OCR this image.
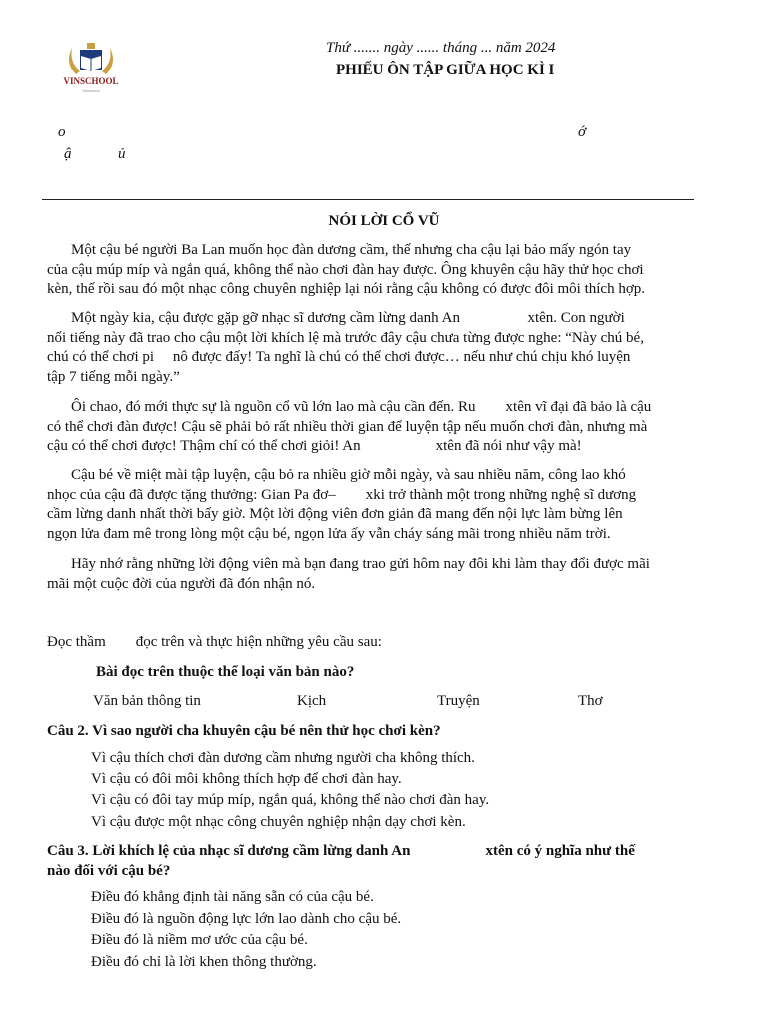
VINSCHOOL
Vinschool
Thứ ....... ngày ...... tháng ... năm 2024
PHIẾU ÔN TẬP GIỮA HỌC KÌ I
o	ớ
ậ	ủ
NÓI LỜI CỔ VŨ
Một cậu bé người Ba Lan muốn học đàn dương cầm, thế nhưng cha cậu lại bảo mấy ngón tay
của cậu múp míp và ngắn quá, không thể nào chơi đàn hay được. Ông khuyên cậu hãy thử học chơi
kèn, thế rồi sau đó một nhạc công chuyên nghiệp lại nói rằng cậu không có được đôi môi thích hợp.
Một ngày kia, cậu được gặp gỡ nhạc sĩ dương cầm lừng danh An                  xtên. Con người
nổi tiếng này đã trao cho cậu một lời khích lệ mà trước đây cậu chưa từng được nghe: “Này chú bé,
chú có thể chơi pi     nô được đấy! Ta nghĩ là chú có thể chơi được… nếu như chú chịu khó luyện
tập 7 tiếng mỗi ngày.”
Ôi chao, đó mới thực sự là nguồn cổ vũ lớn lao mà cậu cần đến. Ru        xtên vĩ đại đã bảo là cậu
có thể chơi đàn được! Cậu sẽ phải bỏ rất nhiều thời gian để luyện tập nếu muốn chơi đàn, nhưng mà
cậu có thể chơi được! Thậm chí có thể chơi giỏi! An                    xtên đã nói như vậy mà!
Cậu bé về miệt mài tập luyện, cậu bỏ ra nhiều giờ mỗi ngày, và sau nhiều năm, công lao khó
nhọc của cậu đã được tặng thưởng: Gian Pa đơ–        xki trở thành một trong những nghệ sĩ dương
cầm lừng danh nhất thời bấy giờ. Một lời động viên đơn giản đã mang đến nội lực làm bừng lên
ngọn lửa đam mê trong lòng một cậu bé, ngọn lửa ấy vẫn cháy sáng mãi trong nhiều năm trời.
Hãy nhớ rằng những lời động viên mà bạn đang trao gửi hôm nay đôi khi làm thay đổi được mãi
mãi một cuộc đời của người đã đón nhận nó.
Đọc thầm        đọc trên và thực hiện những yêu cầu sau:
Bài đọc trên thuộc thể loại văn bản nào?
Văn bản thông tin	Kịch	Truyện	Thơ
Câu 2. Vì sao người cha khuyên cậu bé nên thử học chơi kèn?
Vì cậu thích chơi đàn dương cầm nhưng người cha không thích.
Vì cậu có đôi môi không thích hợp để chơi đàn hay.
Vì cậu có đôi tay múp míp, ngắn quá, không thể nào chơi đàn hay.
Vì cậu được một nhạc công chuyên nghiệp nhận dạy chơi kèn.
Câu 3. Lời khích lệ của nhạc sĩ dương cầm lừng danh An                    xtên có ý nghĩa như thế
nào đối với cậu bé?
Điều đó khẳng định tài năng sẵn có của cậu bé.
Điều đó là nguồn động lực lớn lao dành cho cậu bé.
Điều đó là niềm mơ ước của cậu bé.
Điều đó chỉ là lời khen thông thường.
